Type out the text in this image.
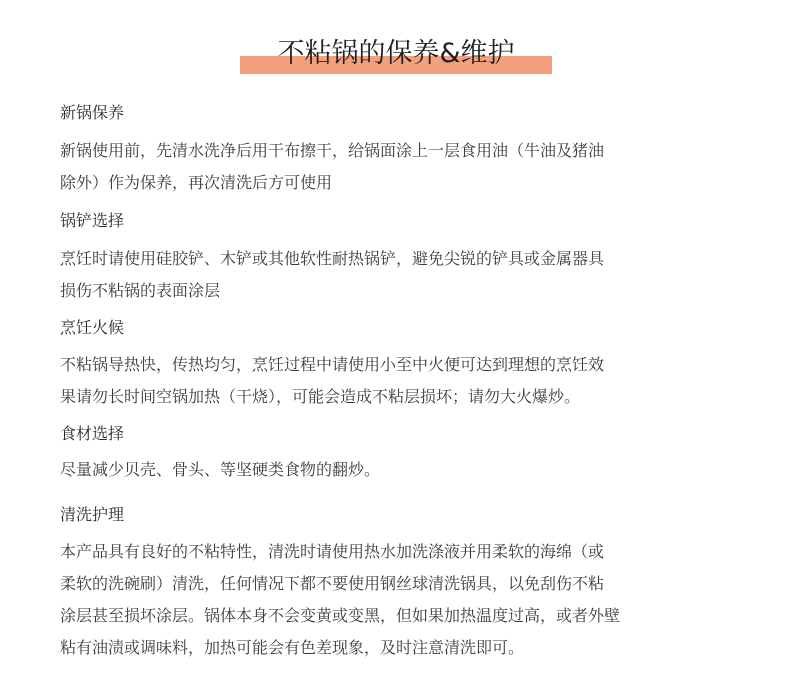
不粘锅的保养&维护
新锅保养
新锅使用前，先清水洗净后用干布擦干，给锅面涂上一层食用油（牛油及猪油
除外）作为保养，再次清洗后方可使用
锅铲选择
烹饪时请使用硅胶铲、木铲或其他软性耐热锅铲，避免尖锐的铲具或金属器具
损伤不粘锅的表面涂层
烹饪火候
不粘锅导热快，传热均匀，烹饪过程中请使用小至中火便可达到理想的烹饪效
果请勿长时间空锅加热（干烧），可能会造成不粘层损坏；请勿大火爆炒。
食材选择
尽量减少贝壳、骨头、等坚硬类食物的翻炒。
清洗护理
本产品具有良好的不粘特性，清洗时请使用热水加洗涤液并用柔软的海绵（或
柔软的洗碗刷）清洗，任何情况下都不要使用钢丝球清洗锅具，以免刮伤不粘
涂层甚至损坏涂层。锅体本身不会变黄或变黑，但如果加热温度过高，或者外壁
粘有油渍或调味料，加热可能会有色差现象，及时注意清洗即可。
